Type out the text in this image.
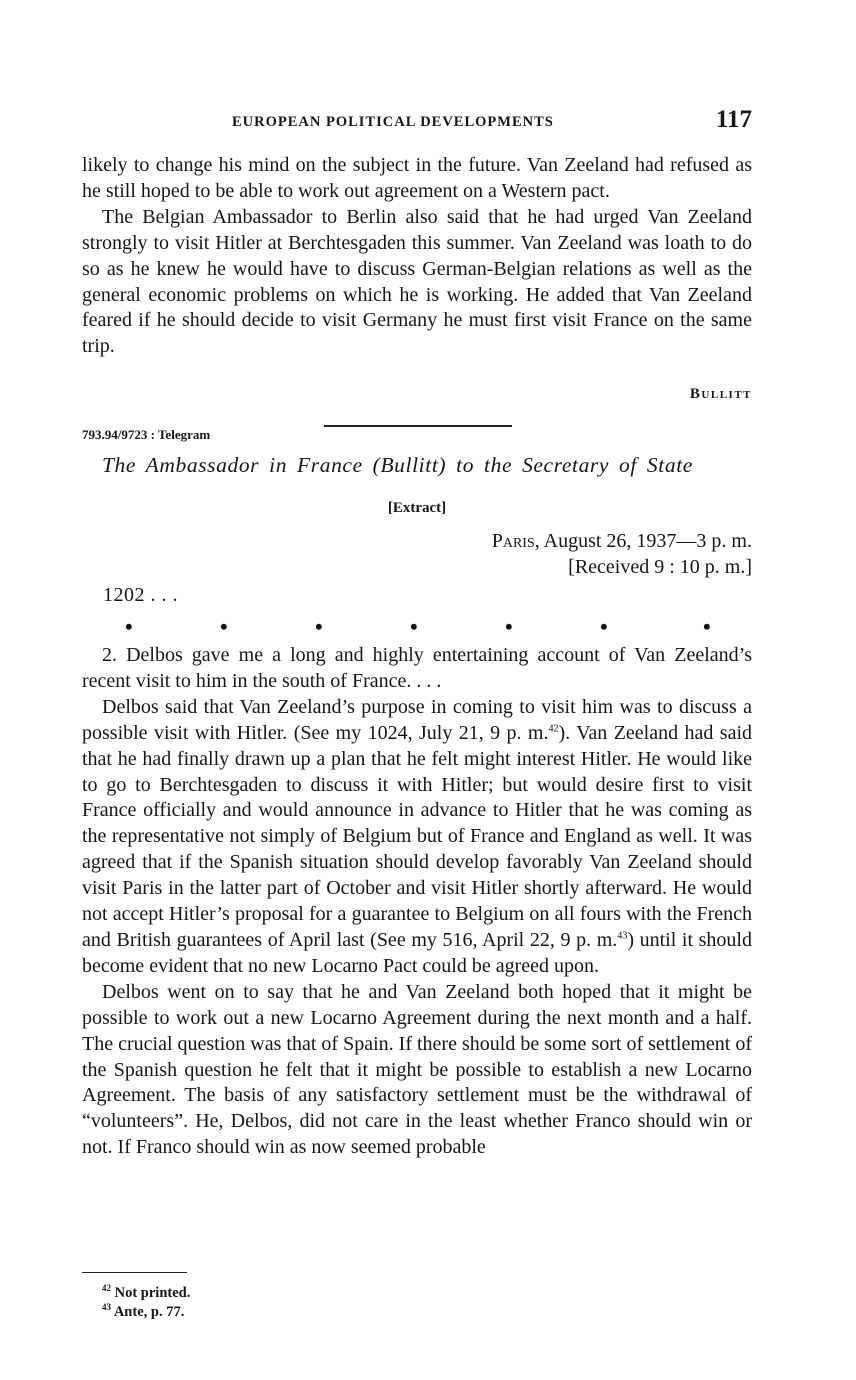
EUROPEAN POLITICAL DEVELOPMENTS	117

likely to change his mind on the subject in the future. Van Zeeland had refused as he still hoped to be able to work out agreement on a Western pact.

The Belgian Ambassador to Berlin also said that he had urged Van Zeeland strongly to visit Hitler at Berchtesgaden this summer. Van Zeeland was loath to do so as he knew he would have to discuss German-Belgian relations as well as the general economic problems on which he is working. He added that Van Zeeland feared if he should decide to visit Germany he must first visit France on the same trip.

Bullitt
793.94/9723 : Telegram
The Ambassador in France (Bullitt) to the Secretary of State
[Extract]
Paris, August 26, 1937—3 p. m.
[Received 9 : 10 p. m.]
1202 . . .
•	•	•	•	•	•	•

2. Delbos gave me a long and highly entertaining account of Van Zeeland’s recent visit to him in the south of France. . . .

Delbos said that Van Zeeland’s purpose in coming to visit him was to discuss a possible visit with Hitler. (See my 1024, July 21, 9 p. m.$^{42}$). Van Zeeland had said that he had finally drawn up a plan that he felt might interest Hitler. He would like to go to Berchtesgaden to discuss it with Hitler; but would desire first to visit France officially and would announce in advance to Hitler that he was coming as the representative not simply of Belgium but of France and England as well. It was agreed that if the Spanish situation should develop favorably Van Zeeland should visit Paris in the latter part of October and visit Hitler shortly afterward. He would not accept Hitler’s proposal for a guarantee to Belgium on all fours with the French and British guarantees of April last (See my 516, April 22, 9 p. m.$^{43}$) until it should become evident that no new Locarno Pact could be agreed upon.

Delbos went on to say that he and Van Zeeland both hoped that it might be possible to work out a new Locarno Agreement during the next month and a half. The crucial question was that of Spain. If there should be some sort of settlement of the Spanish question he felt that it might be possible to establish a new Locarno Agreement. The basis of any satisfactory settlement must be the withdrawal of “volunteers”. He, Delbos, did not care in the least whether Franco should win or not. If Franco should win as now seemed probable

$^{42}$ Not printed.
$^{43}$ Ante, p. 77.
